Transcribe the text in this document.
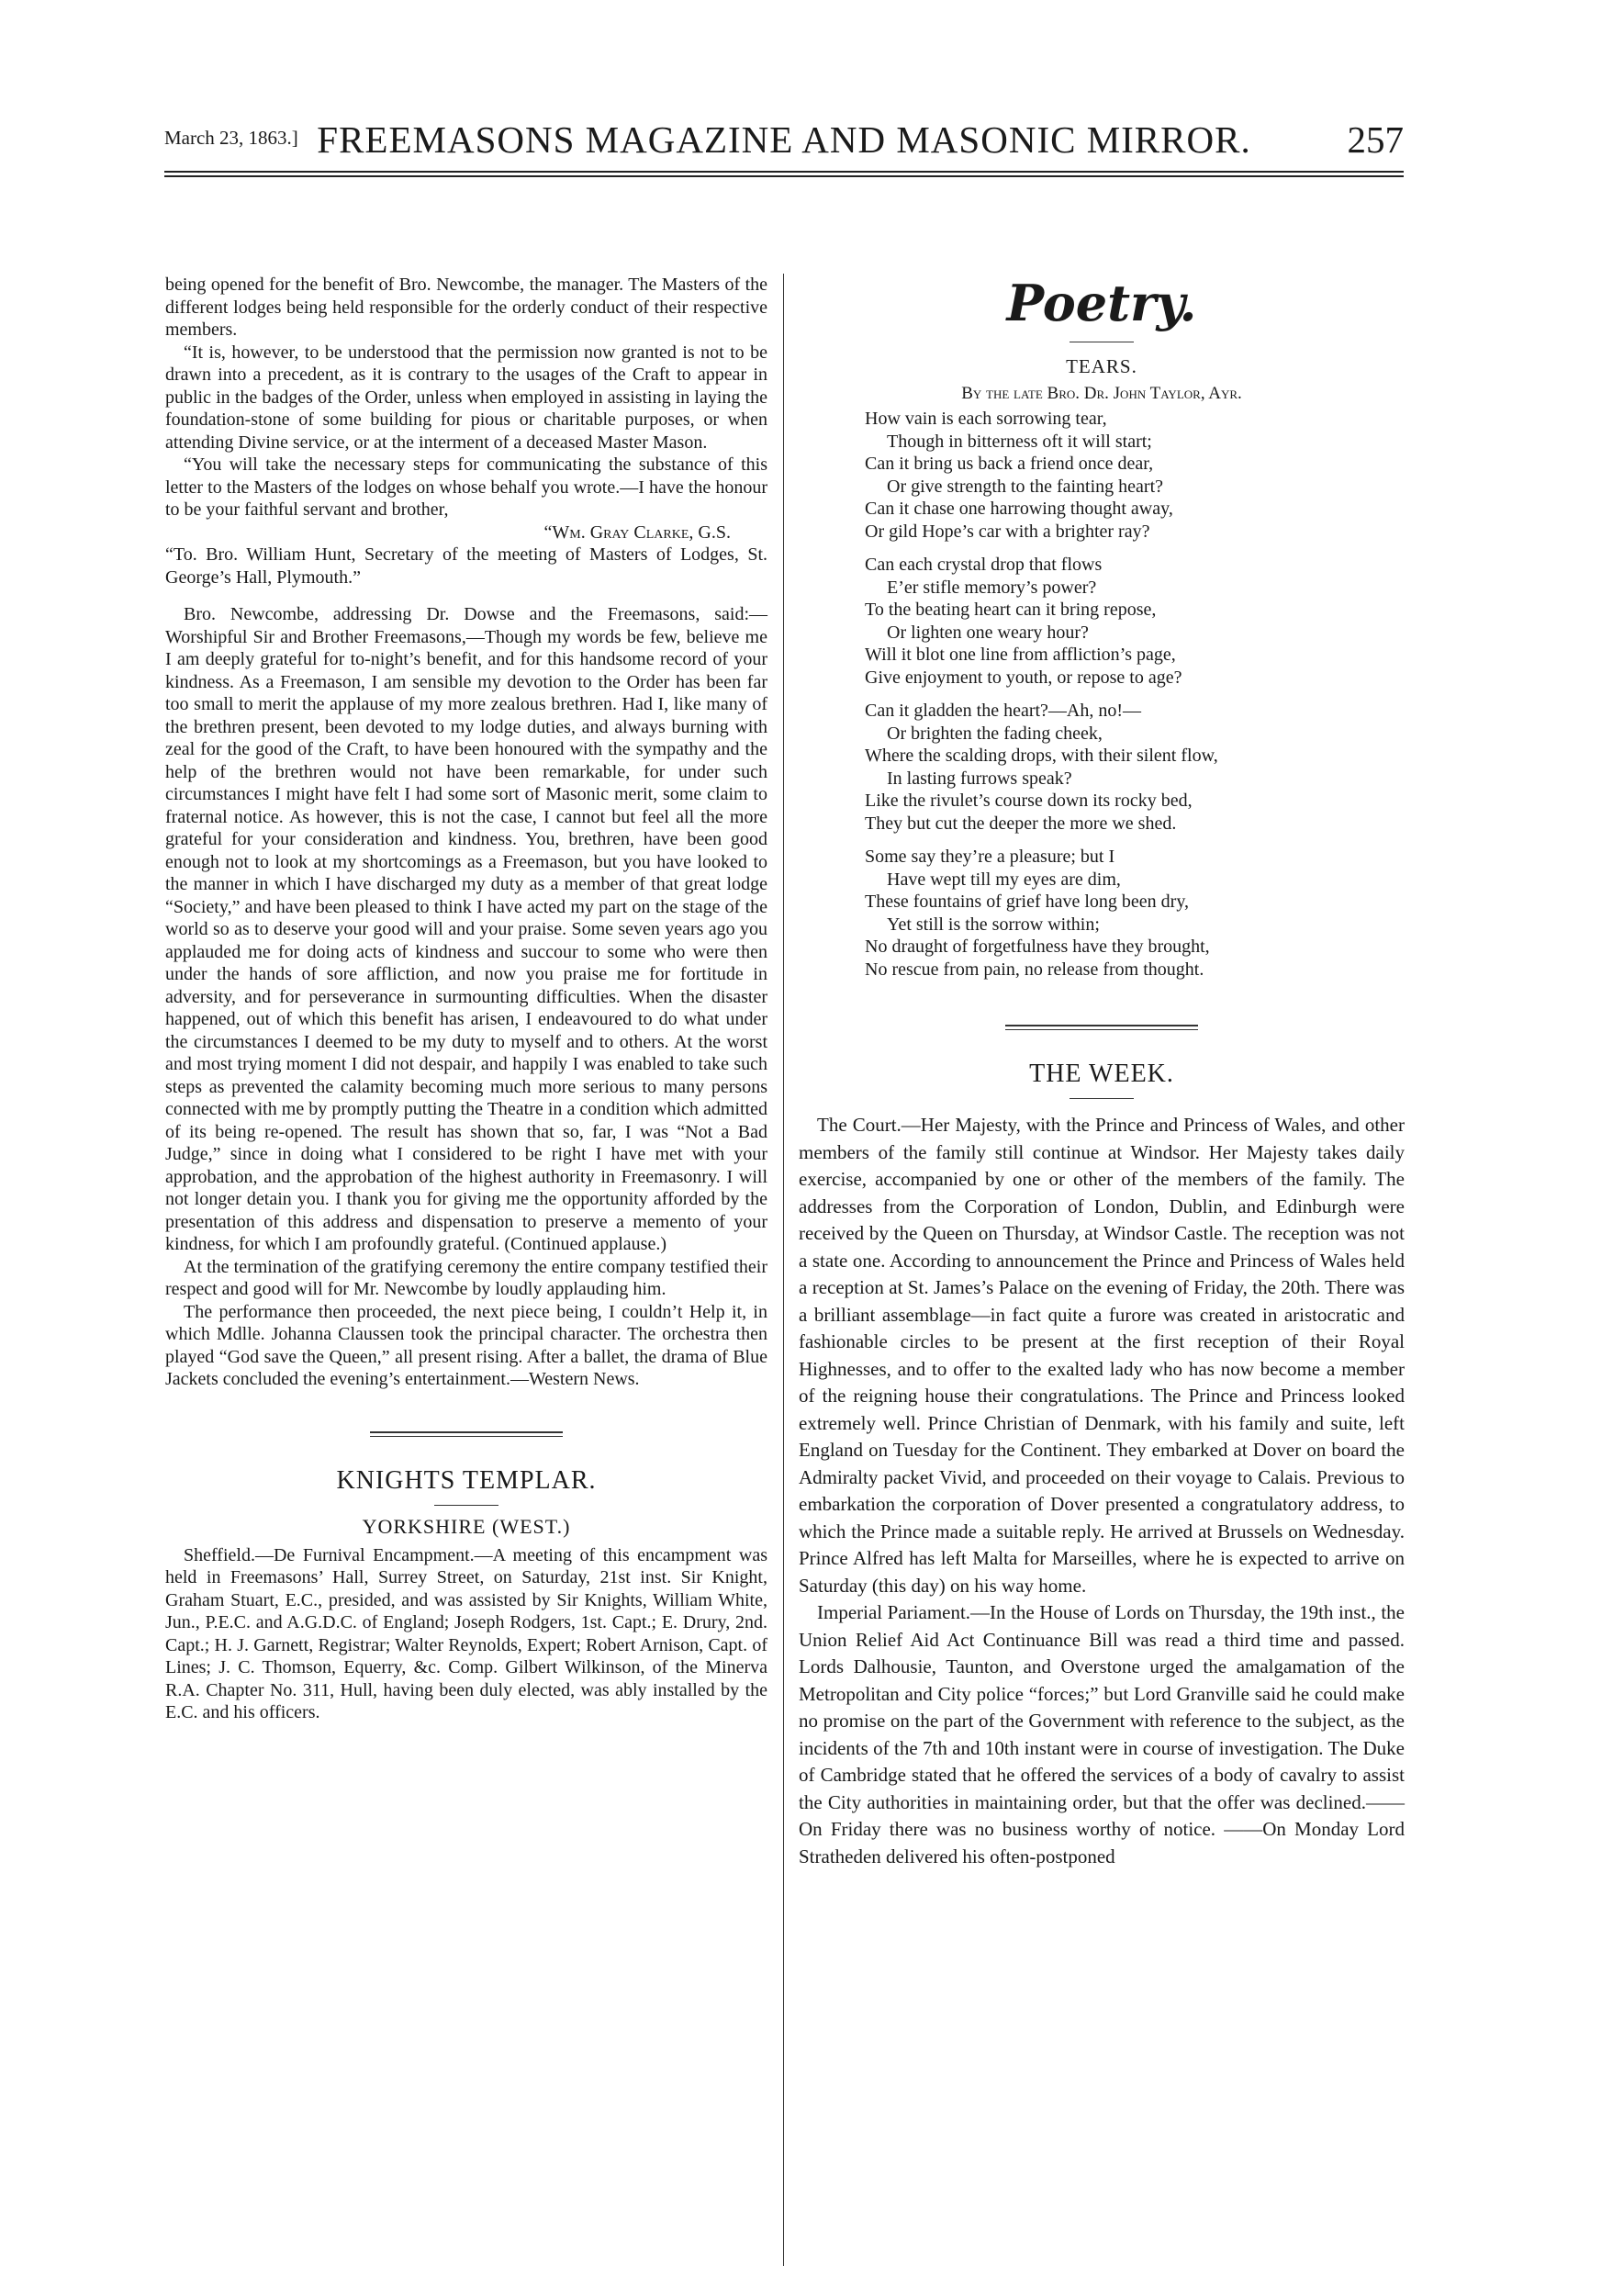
March 23, 1863.] FREEMASONS MAGAZINE AND MASONIC MIRROR.	257

being opened for the benefit of Bro. Newcombe, the manager. The Masters of the different lodges being held responsible for the orderly conduct of their respective members.

“It is, however, to be understood that the permission now granted is not to be drawn into a precedent, as it is contrary to the usages of the Craft to appear in public in the badges of the Order, unless when employed in assisting in laying the foundation-stone of some building for pious or charitable purposes, or when attending Divine service, or at the interment of a deceased Master Mason.

“You will take the necessary steps for communicating the substance of this letter to the Masters of the lodges on whose behalf you wrote.—I have the honour to be your faithful servant and brother,

“Wm. Gray Clarke, G.S.

“To. Bro. William Hunt, Secretary of the meeting of Masters of Lodges, St. George’s Hall, Plymouth.”

Bro. Newcombe, addressing Dr. Dowse and the Freemasons, said:—Worshipful Sir and Brother Freemasons,—Though my words be few, believe me I am deeply grateful for to-night’s benefit, and for this handsome record of your kindness. As a Freemason, I am sensible my devotion to the Order has been far too small to merit the applause of my more zealous brethren. Had I, like many of the brethren present, been devoted to my lodge duties, and always burning with zeal for the good of the Craft, to have been honoured with the sympathy and the help of the brethren would not have been remarkable, for under such circumstances I might have felt I had some sort of Masonic merit, some claim to fraternal notice. As however, this is not the case, I cannot but feel all the more grateful for your consideration and kindness. You, brethren, have been good enough not to look at my shortcomings as a Freemason, but you have looked to the manner in which I have discharged my duty as a member of that great lodge “Society,” and have been pleased to think I have acted my part on the stage of the world so as to deserve your good will and your praise. Some seven years ago you applauded me for doing acts of kindness and succour to some who were then under the hands of sore affliction, and now you praise me for fortitude in adversity, and for perseverance in surmounting difficulties. When the disaster happened, out of which this benefit has arisen, I endeavoured to do what under the circumstances I deemed to be my duty to myself and to others. At the worst and most trying moment I did not despair, and happily I was enabled to take such steps as prevented the calamity becoming much more serious to many persons connected with me by promptly putting the Theatre in a condition which admitted of its being re-opened. The result has shown that so, far, I was “Not a Bad Judge,” since in doing what I considered to be right I have met with your approbation, and the approbation of the highest authority in Freemasonry. I will not longer detain you. I thank you for giving me the opportunity afforded by the presentation of this address and dispensation to preserve a memento of your kindness, for which I am profoundly grateful. (Continued applause.)

At the termination of the gratifying ceremony the entire company testified their respect and good will for Mr. Newcombe by loudly applauding him.

The performance then proceeded, the next piece being, I couldn’t Help it, in which Mdlle. Johanna Claussen took the principal character. The orchestra then played “God save the Queen,” all present rising. After a ballet, the drama of Blue Jackets concluded the evening’s entertainment.—Western News.

KNIGHTS TEMPLAR.
YORKSHIRE (WEST.)

Sheffield.—De Furnival Encampment.—A meeting of this encampment was held in Freemasons’ Hall, Surrey Street, on Saturday, 21st inst. Sir Knight, Graham Stuart, E.C., presided, and was assisted by Sir Knights, William White, Jun., P.E.C. and A.G.D.C. of England; Joseph Rodgers, 1st. Capt.; E. Drury, 2nd. Capt.; H. J. Garnett, Registrar; Walter Reynolds, Expert; Robert Arnison, Capt. of Lines; J. C. Thomson, Equerry, &c. Comp. Gilbert Wilkinson, of the Minerva R.A. Chapter No. 311, Hull, having been duly elected, was ably installed by the E.C. and his officers.

Poetry.
TEARS.
By the late Bro. Dr. John Taylor, Ayr.
How vain is each sorrowing tear,
Though in bitterness oft it will start;
Can it bring us back a friend once dear,
Or give strength to the fainting heart?
Can it chase one harrowing thought away,
Or gild Hope’s car with a brighter ray?
Can each crystal drop that flows
E’er stifle memory’s power?
To the beating heart can it bring repose,
Or lighten one weary hour?
Will it blot one line from affliction’s page,
Give enjoyment to youth, or repose to age?
Can it gladden the heart?—Ah, no!—
Or brighten the fading cheek,
Where the scalding drops, with their silent flow,
In lasting furrows speak?
Like the rivulet’s course down its rocky bed,
They but cut the deeper the more we shed.
Some say they’re a pleasure; but I
Have wept till my eyes are dim,
These fountains of grief have long been dry,
Yet still is the sorrow within;
No draught of forgetfulness have they brought,
No rescue from pain, no release from thought.
THE WEEK.

The Court.—Her Majesty, with the Prince and Princess of Wales, and other members of the family still continue at Windsor. Her Majesty takes daily exercise, accompanied by one or other of the members of the family. The addresses from the Corporation of London, Dublin, and Edinburgh were received by the Queen on Thursday, at Windsor Castle. The reception was not a state one. According to announcement the Prince and Princess of Wales held a reception at St. James’s Palace on the evening of Friday, the 20th. There was a brilliant assemblage—in fact quite a furore was created in aristocratic and fashionable circles to be present at the first reception of their Royal Highnesses, and to offer to the exalted lady who has now become a member of the reigning house their congratulations. The Prince and Princess looked extremely well. Prince Christian of Denmark, with his family and suite, left England on Tuesday for the Continent. They embarked at Dover on board the Admiralty packet Vivid, and proceeded on their voyage to Calais. Previous to embarkation the corporation of Dover presented a congratulatory address, to which the Prince made a suitable reply. He arrived at Brussels on Wednesday. Prince Alfred has left Malta for Marseilles, where he is expected to arrive on Saturday (this day) on his way home.

Imperial Pariament.—In the House of Lords on Thursday, the 19th inst., the Union Relief Aid Act Continuance Bill was read a third time and passed. Lords Dalhousie, Taunton, and Overstone urged the amalgamation of the Metropolitan and City police “forces;” but Lord Granville said he could make no promise on the part of the Government with reference to the subject, as the incidents of the 7th and 10th instant were in course of investigation. The Duke of Cambridge stated that he offered the services of a body of cavalry to assist the City authorities in maintaining order, but that the offer was declined.——On Friday there was no business worthy of notice. ——On Monday Lord Stratheden delivered his often-postponed
